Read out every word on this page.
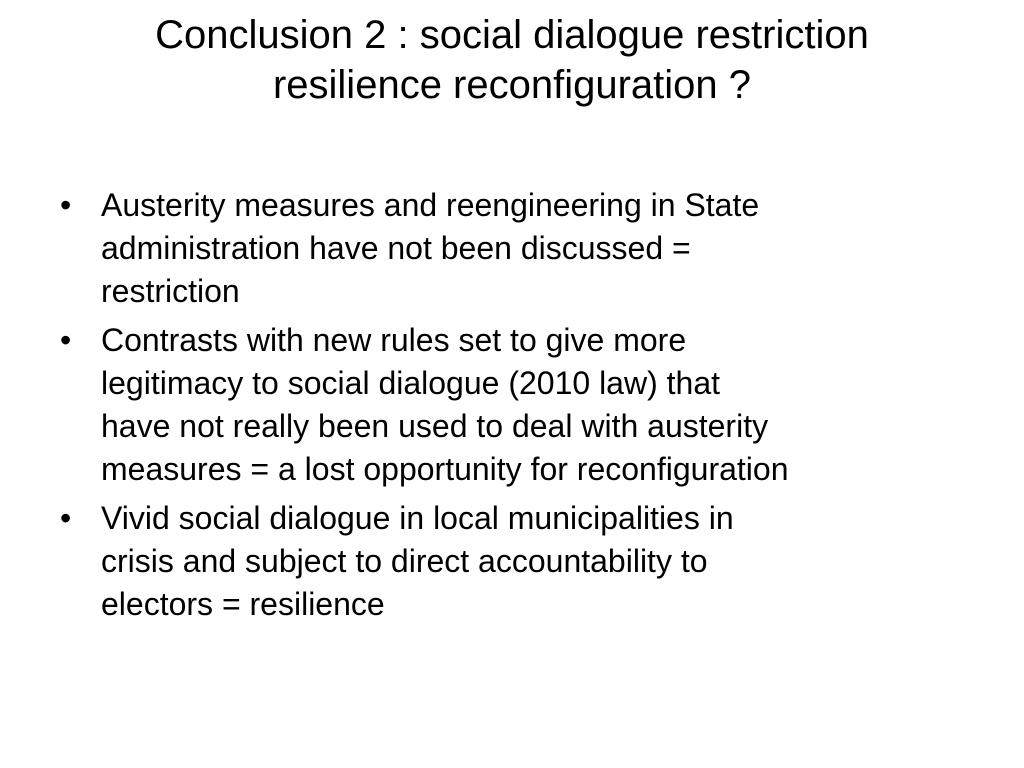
Conclusion 2 : social dialogue restriction
resilience reconfiguration ?
• Austerity measures and reengineering in State
administration have not been discussed =
restriction
• Contrasts with new rules set to give more
legitimacy to social dialogue (2010 law) that
have not really been used to deal with austerity
measures = a lost opportunity for reconfiguration
• Vivid social dialogue in local municipalities in
crisis and subject to direct accountability to
electors = resilience
